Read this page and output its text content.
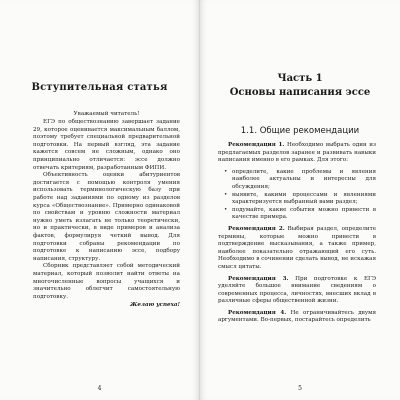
Вступительная статья

Уважаемый читатель!

ЕГЭ по обществознанию завершает задание 29, которое оценивается максимальным баллом, поэтому требует специальной предварительной подготовки. На первый взгляд, эта задание кажется совсем не сложным, однако оно принципиально отличается: эссе должно отвечать критериям, разработанным ФИПИ.

Объективность оценки абитуриентов достигается с помощью контроля умения использовать терминологическую базу при работе над заданиями по одному из разделов курса «Обществознание». Примерно одинаковой по свойствам и уровню сложности материал нужно уметь излагать не только теоретически, но и практически, в виде примеров и анализа фактов, формулируя четкий вывод. Для подготовки собраны рекомендации по подготовке к написанию эссе, подбору написания, структуру.

Сборник представляет собой методический материал, который позволит найти ответы на многочисленные вопросы учащихся и значительно облегчит самостоятельную подготовку.

Желаю успеха!

4
Часть 1
Основы написания эссе
1.1. Общие рекомендации

Рекомендация 1. Необходимо выбрать один из предлагаемых разделов заранее и развивать навыки написания именно в его рамках. Для этого:

• определите, какие проблемы и явления наиболее актуальны и интересны для обсуждения;
• выявите, какими процессами и явлениями характеризуется выбранный вами раздел;
• подумайте, какие события можно привести в качестве примера.

Рекомендация 2. Выбирая раздел, определите термины, которые можно привести в подтверждение высказывания, а также пример, наиболее показательно отражающий его суть. Необходимо в сочинении сделать вывод, не искажая смысл цитаты.

Рекомендация 3. При подготовке к ЕГЭ уделяйте большое внимание сведениям о современных процесса, личностях, внесших вклад в различные сферы общественной жизни.

Рекомендация 4. Не ограничивайтесь двумя аргументами. Во-первых, постарайтесь определить

5
